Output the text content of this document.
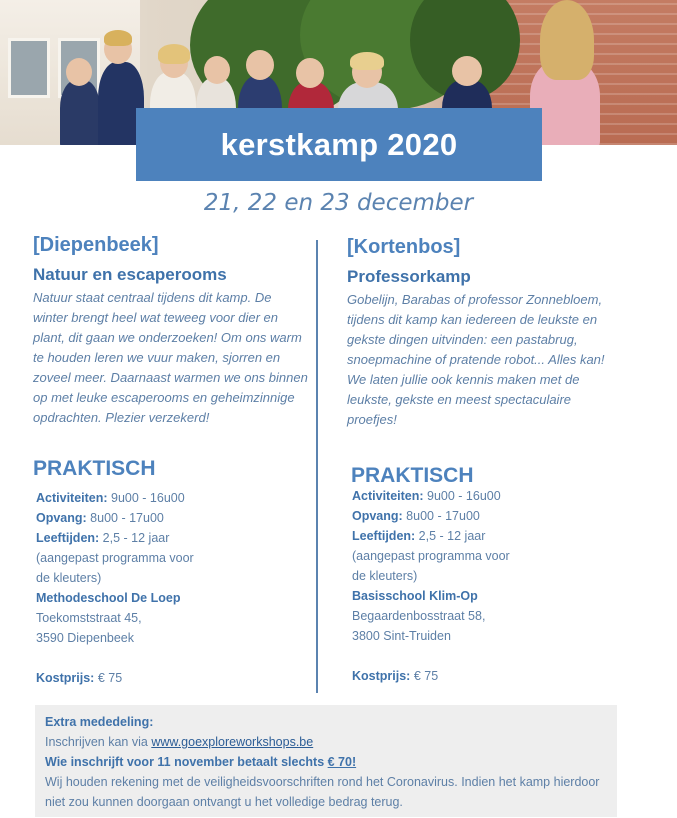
kerstkamp 2020
21, 22 en 23 december
[Diepenbeek]
Natuur en escaperooms
Natuur staat centraal tijdens dit kamp. De winter brengt heel wat teweeg voor dier en plant, dit gaan we onderzoeken! Om ons warm te houden leren we vuur maken, sjorren en zoveel meer. Daarnaast warmen we ons binnen op met leuke escaperooms en geheimzinnige opdrachten. Plezier verzekerd!
PRAKTISCH
Activiteiten: 9u00 - 16u00
Opvang: 8u00 - 17u00
Leeftijden: 2,5 - 12 jaar
(aangepast programma voor
de kleuters)
Methodeschool De Loep
Toekomststraat 45,
3590 Diepenbeek
Kostprijs: € 75
[Kortenbos]
Professorkamp
Gobelijn, Barabas of professor Zonnebloem, tijdens dit kamp kan iedereen de leukste en gekste dingen uitvinden: een pastabrug, snoepmachine of pratende robot... Alles kan! We laten jullie ook kennis maken met de leukste, gekste en meest spectaculaire proefjes!
PRAKTISCH
Activiteiten: 9u00 - 16u00
Opvang: 8u00 - 17u00
Leeftijden: 2,5 - 12 jaar
(aangepast programma voor
de kleuters)
Basisschool Klim-Op
Begaardenbosstraat 58,
3800 Sint-Truiden
Kostprijs: € 75
Extra mededeling:
Inschrijven kan via www.goexploreworkshops.be
Wie inschrijft voor 11 november betaalt slechts € 70!
Wij houden rekening met de veiligheidsvoorschriften rond het Coronavirus. Indien het kamp hierdoor niet zou kunnen doorgaan ontvangt u het volledige bedrag terug.
